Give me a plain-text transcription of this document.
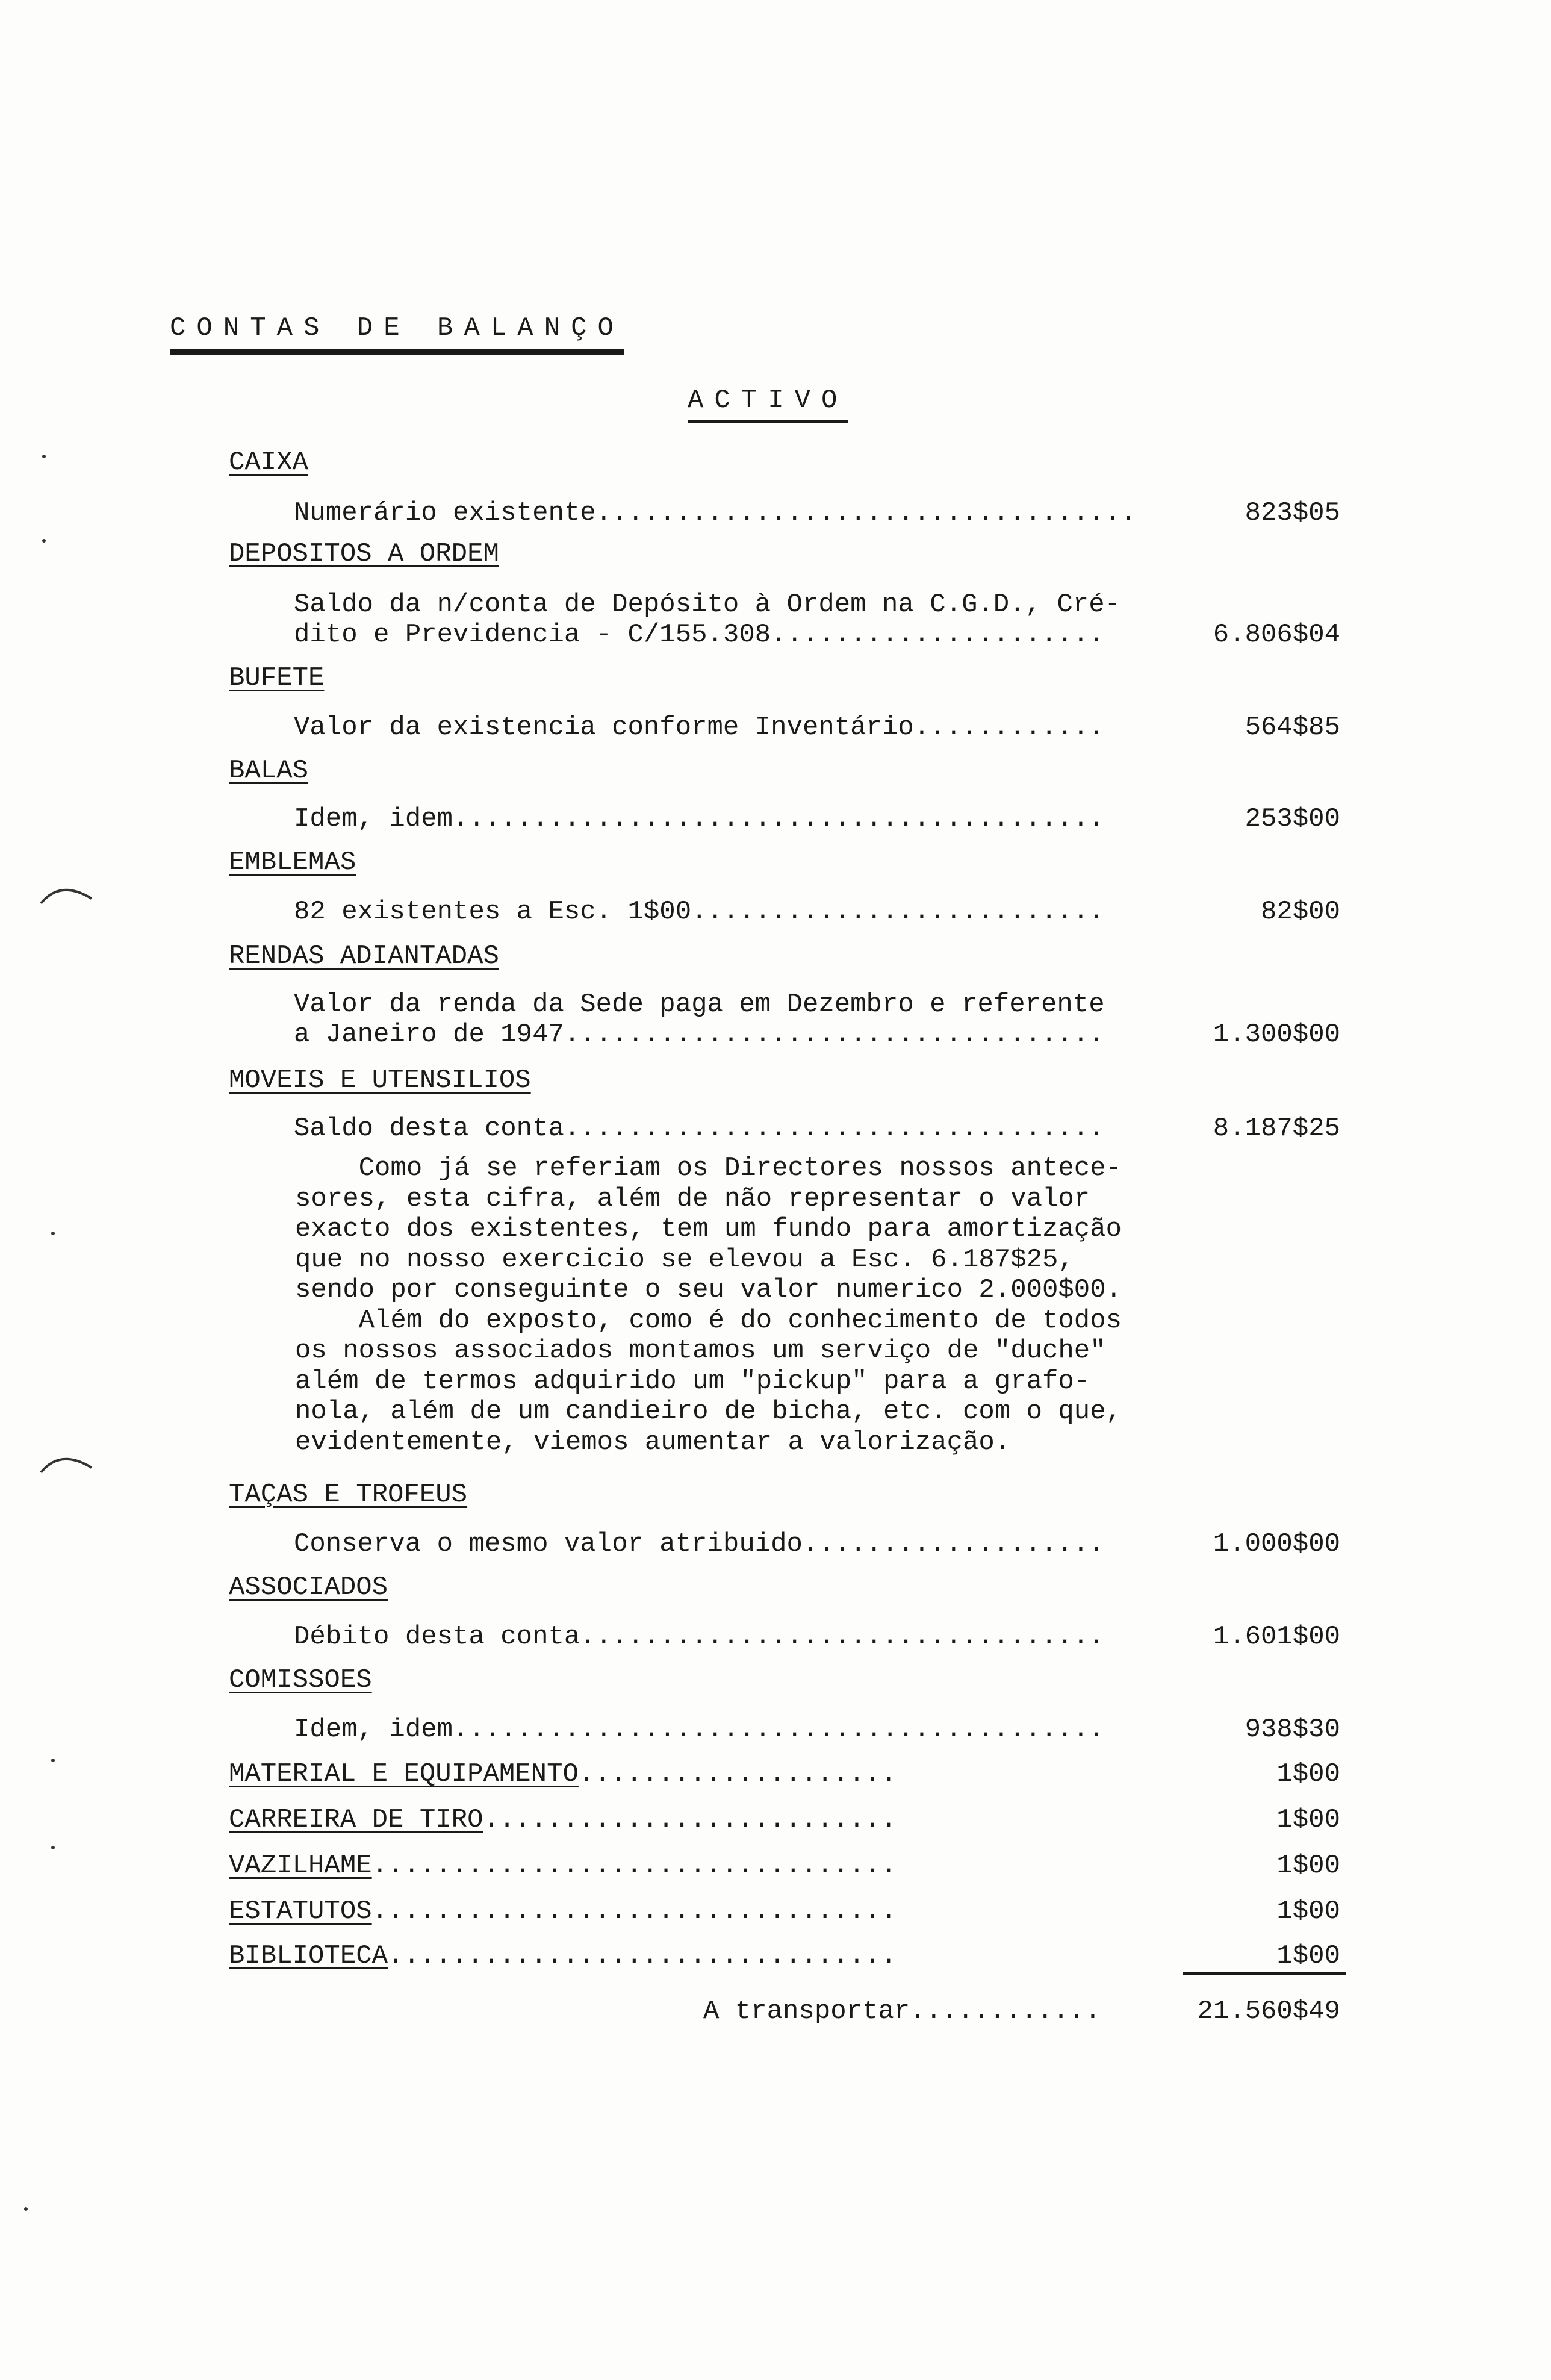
CONTAS DE BALANÇO
ACTIVO
CAIXA
Numerário existente..................................	823$05
DEPOSITOS A ORDEM
Saldo da n/conta de Depósito à Ordem na C.G.D., Cré-
dito e Previdencia - C/155.308.....................	6.806$04
BUFETE
Valor da existencia conforme Inventário............	564$85
BALAS
Idem, idem.........................................	253$00
EMBLEMAS
82 existentes a Esc. 1$00..........................	82$00
RENDAS ADIANTADAS
Valor da renda da Sede paga em Dezembro e referente
a Janeiro de 1947..................................	1.300$00
MOVEIS E UTENSILIOS
Saldo desta conta..................................	8.187$25
Como já se referiam os Directores nossos antece-
sores, esta cifra, além de não representar o valor
exacto dos existentes, tem um fundo para amortização
que no nosso exercicio se elevou a Esc. 6.187$25,
sendo por conseguinte o seu valor numerico 2.000$00.
Além do exposto, como é do conhecimento de todos
os nossos associados montamos um serviço de "duche"
além de termos adquirido um "pickup" para a grafo-
nola, além de um candieiro de bicha, etc. com o que,
evidentemente, viemos aumentar a valorização.
TAÇAS E TROFEUS
Conserva o mesmo valor atribuido...................	1.000$00
ASSOCIADOS
Débito desta conta.................................	1.601$00
COMISSOES
Idem, idem.........................................	938$30
MATERIAL E EQUIPAMENTO....................	1$00
CARREIRA DE TIRO..........................	1$00
VAZILHAME.................................	1$00
ESTATUTOS.................................	1$00
BIBLIOTECA................................	1$00
A transportar............	21.560$49
